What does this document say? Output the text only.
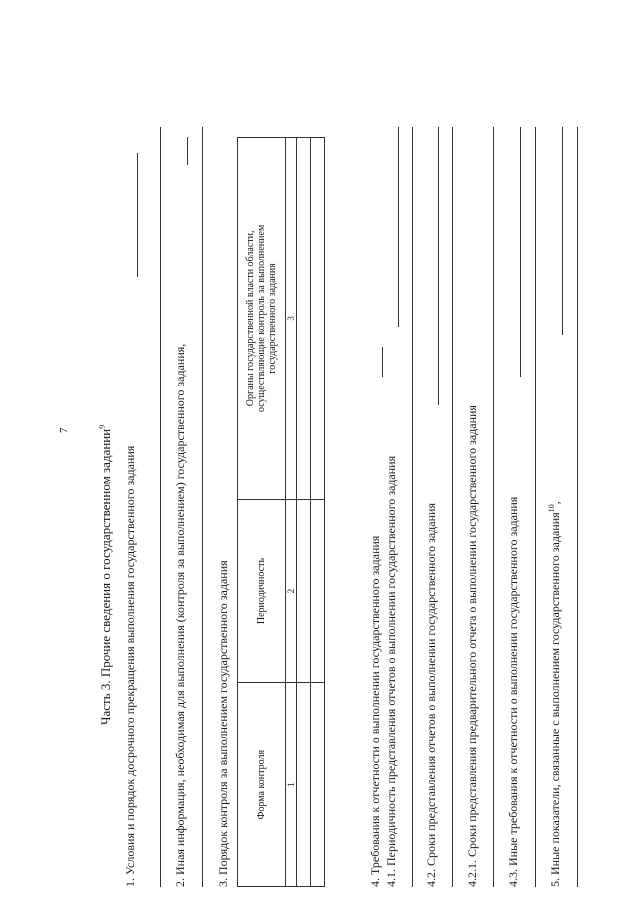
7 Часть 3. Прочие сведения о государственном задании$^9$
1. Условия и порядок досрочного прекращения выполнения государственного задания	2. Иная информация, необходимая для выполнения (контроля за выполнением) государственного задания, 3. Порядок контроля за выполнением государственного задания	Форма контроля	Периодичность	Органы государственной власти области, осуществляющие контроль за выполнением государственного задания
1	2	3

4. Требования к отчетности о выполнении государственного задания 4.1. Периодичность представления отчетов о выполнении государственного задания 4.2. Сроки представления отчетов о выполнении государственного задания 4.2.1. Сроки представления предварительного отчета о выполнении государственного задания 4.3. Иные требования к отчетности о выполнении государственного задания 5. Иные показатели, связанные с выполнением государственного задания$^{10}$,
